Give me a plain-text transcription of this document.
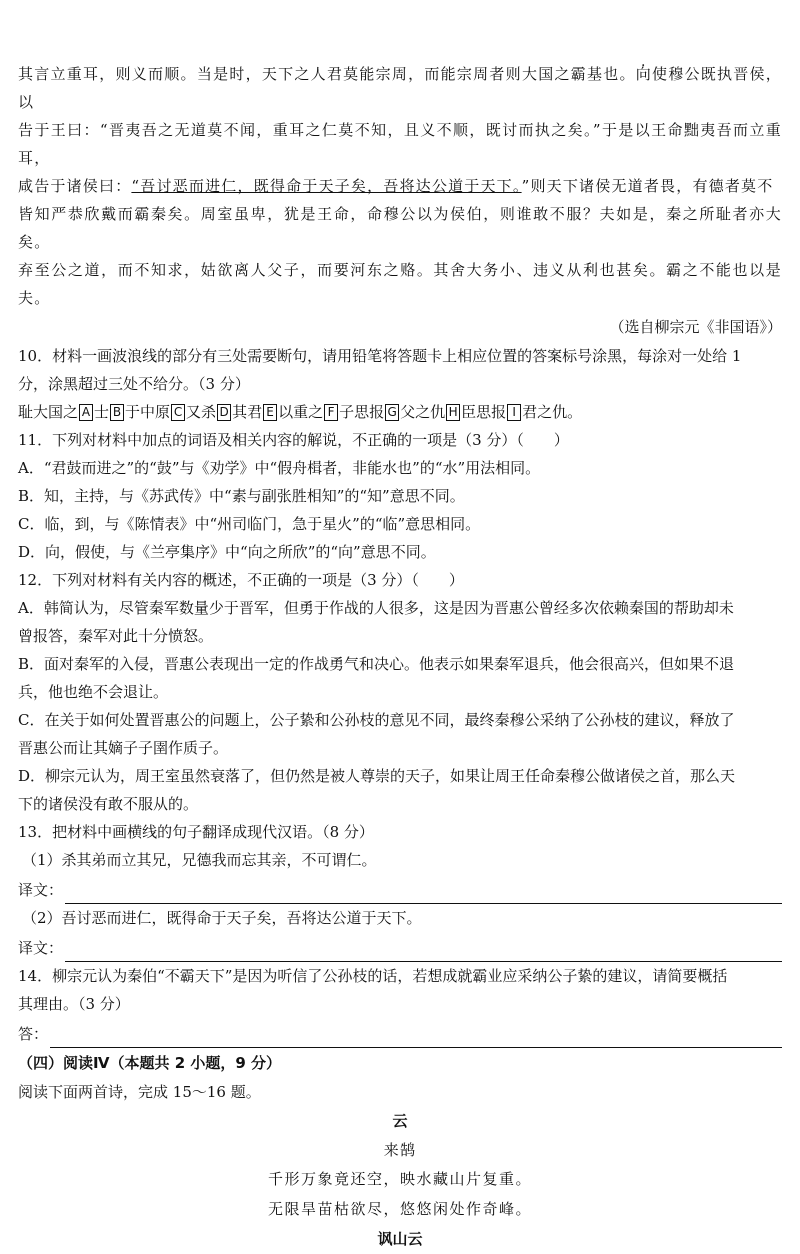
其言立重耳，则义而顺。当是时，天下之人君莫能宗周，而能宗周者则大国之霸基也。向使穆公既执晋侯，以
告于王曰：“晋夷吾之无道莫不闻，重耳之仁莫不知，且义不顺，既讨而执之矣。”于是以王命黜夷吾而立重耳，
咸告于诸侯曰：“吾讨恶而进仁，既得命于天子矣，吾将达公道于天下。”则天下诸侯无道者畏，有德者莫不
皆知严恭欣戴而霸秦矣。周室虽卑，犹是王命，命穆公以为侯伯，则谁敢不服？夫如是，秦之所耻者亦大矣。
弃至公之道，而不知求，姑欲离人父子，而要河东之赂。其舍大务小、违义从利也甚矣。霸之不能也以是夫。
（选自柳宗元《非国语》）
10．材料一画波浪线的部分有三处需要断句，请用铅笔将答题卡上相应位置的答案标号涂黑，每涂对一处给 1
分，涂黑超过三处不给分。（3 分）
耻大国之 A 士 B 于中原 C 又杀 D 其君 E 以重之 F 子思报 G 父之仇 H 臣思报 I 君之仇。
11．下列对材料中加点的词语及相关内容的解说，不正确的一项是（3 分）（　　）
A．“君鼓而进之”的“鼓”与《劝学》中“假舟楫者，非能水也”的“水”用法相同。
B．知，主持，与《苏武传》中“素与副张胜相知”的“知”意思不同。
C．临，到，与《陈情表》中“州司临门，急于星火”的“临”意思相同。
D．向，假使，与《兰亭集序》中“向之所欣”的“向”意思不同。
12．下列对材料有关内容的概述，不正确的一项是（3 分）（　　）
A．韩简认为，尽管秦军数量少于晋军，但勇于作战的人很多，这是因为晋惠公曾经多次依赖秦国的帮助却未
曾报答，秦军对此十分愤怒。
B．面对秦军的入侵，晋惠公表现出一定的作战勇气和决心。他表示如果秦军退兵，他会很高兴，但如果不退
兵，他也绝不会退让。
C．在关于如何处置晋惠公的问题上，公子絷和公孙枝的意见不同，最终秦穆公采纳了公孙枝的建议，释放了
晋惠公而让其嫡子子圉作质子。
D．柳宗元认为，周王室虽然衰落了，但仍然是被人尊崇的天子，如果让周王任命秦穆公做诸侯之首，那么天
下的诸侯没有敢不服从的。
13．把材料中画横线的句子翻译成现代汉语。（8 分）
（1）杀其弟而立其兄，兄德我而忘其亲，不可谓仁。
译文：
（2）吾讨恶而进仁，既得命于天子矣，吾将达公道于天下。
译文：
14．柳宗元认为秦伯“不霸天下”是因为听信了公孙枝的话，若想成就霸业应采纳公子絷的建议，请简要概括
其理由。（3 分）
答：
（四）阅读Ⅳ（本题共 2 小题，9 分）
阅读下面两首诗，完成 15～16 题。
云
来鹄
千形万象竟还空，映水藏山片复重。
无限旱苗枯欲尽，悠悠闲处作奇峰。
讽山云
